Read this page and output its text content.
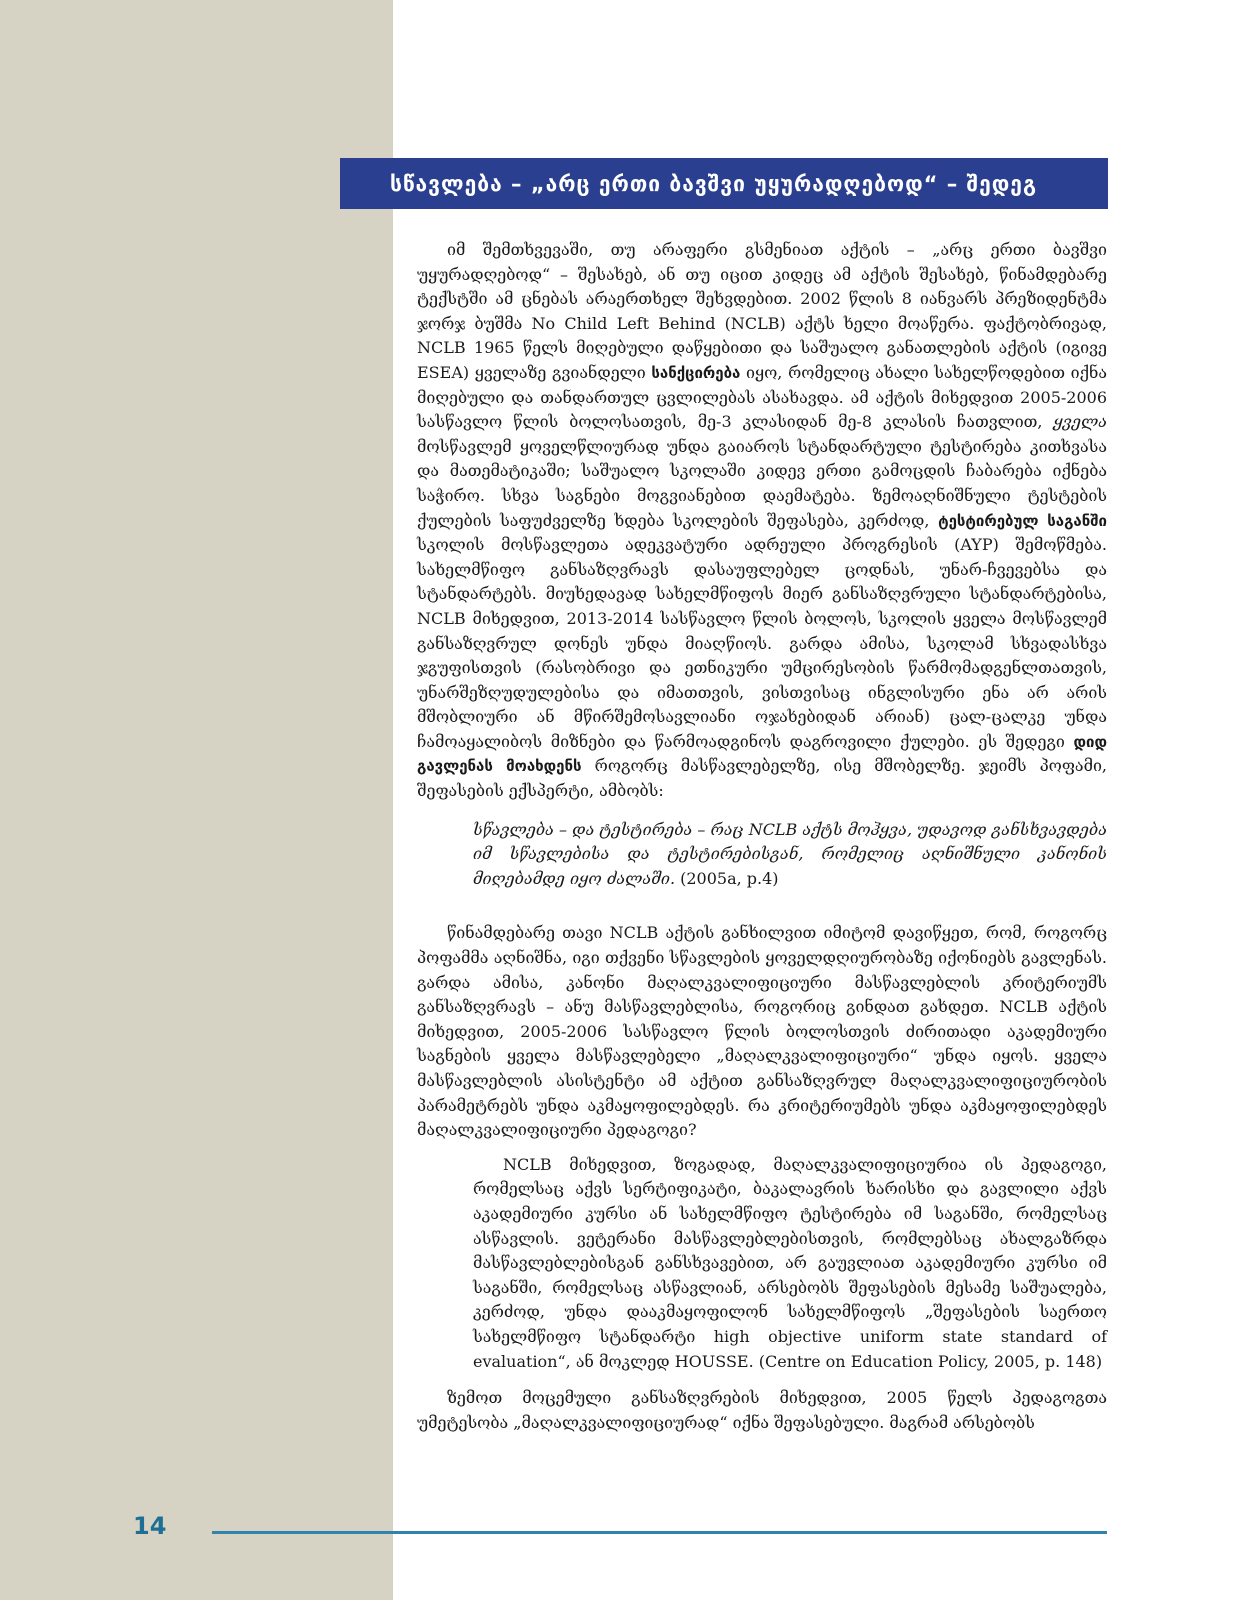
სწავლება – „არც ერთი ბავშვი უყურადღებოდ“ – შედეგ

იმ შემთხვევაში, თუ არაფერი გსმენიათ აქტის – „არც ერთი ბავშვი უყურადღებოდ“ – შესახებ, ან თუ იცით კიდეც ამ აქტის შესახებ, წინამდებარე ტექსტში ამ ცნებას არაერთხელ შეხვდებით. 2002 წლის 8 იანვარს პრეზიდენტმა ჯორჯ ბუშმა No Child Left Behind (NCLB) აქტს ხელი მოაწერა. ფაქტობრივად, NCLB 1965 წელს მიღებული დაწყებითი და საშუალო განათლების აქტის (იგივე ESEA) ყველაზე გვიანდელი სანქცირება იყო, რომელიც ახალი სახელწოდებით იქნა მიღებული და თანდართულ ცვლილებას ასახავდა. ამ აქტის მიხედვით 2005-2006 სასწავლო წლის ბოლოსათვის, მე-3 კლასიდან მე-8 კლასის ჩათვლით, ყველა მოსწავლემ ყოველწლიურად უნდა გაიაროს სტანდარტული ტესტირება კითხვასა და მათემატიკაში; საშუალო სკოლაში კიდევ ერთი გამოცდის ჩაბარება იქნება საჭირო. სხვა საგნები მოგვიანებით დაემატება. ზემოაღნიშნული ტესტების ქულების საფუძველზე ხდება სკოლების შეფასება, კერძოდ, ტესტირებულ საგანში სკოლის მოსწავლეთა ადეკვატური ადრეული პროგრესის (AYP) შემოწმება. სახელმწიფო განსაზღვრავს დასაუფლებელ ცოდნას, უნარ-ჩვევებსა და სტანდარტებს. მიუხედავად სახელმწიფოს მიერ განსაზღვრული სტანდარტებისა, NCLB მიხედვით, 2013-2014 სასწავლო წლის ბოლოს, სკოლის ყველა მოსწავლემ განსაზღვრულ დონეს უნდა მიაღწიოს. გარდა ამისა, სკოლამ სხვადასხვა ჯგუფისთვის (რასობრივი და ეთნიკური უმცირესობის წარმომადგენლთათვის, უნარშეზღუდულებისა და იმათთვის, ვისთვისაც ინგლისური ენა არ არის მშობლიური ან მწირშემოსავლიანი ოჯახებიდან არიან) ცალ-ცალკე უნდა ჩამოაყალიბოს მიზნები და წარმოადგინოს დაგროვილი ქულები. ეს შედეგი დიდ გავლენას მოახდენს როგორც მასწავლებელზე, ისე მშობელზე. ჯეიმს პოფამი, შეფასების ექსპერტი, ამბობს:

სწავლება – და ტესტირება – რაც NCLB აქტს მოჰყვა, უდავოდ განსხვავდება იმ სწავლებისა და ტესტირებისგან, რომელიც აღნიშნული კანონის მიღებამდე იყო ძალაში. (2005a, p.4)

წინამდებარე თავი NCLB აქტის განხილვით იმიტომ დავიწყეთ, რომ, როგორც პოფამმა აღნიშნა, იგი თქვენი სწავლების ყოველდღიურობაზე იქონიებს გავლენას. გარდა ამისა, კანონი მაღალკვალიფიციური მასწავლებლის კრიტერიუმს განსაზღვრავს – ანუ მასწავლებლისა, როგორიც გინდათ გახდეთ. NCLB აქტის მიხედვით, 2005-2006 სასწავლო წლის ბოლოსთვის ძირითადი აკადემიური საგნების ყველა მასწავლებელი „მაღალკვალიფიციური“ უნდა იყოს. ყველა მასწავლებლის ასისტენტი ამ აქტით განსაზღვრულ მაღალკვალიფიციურობის პარამეტრებს უნდა აკმაყოფილებდეს. რა კრიტერიუმებს უნდა აკმაყოფილებდეს მაღალკვალიფიციური პედაგოგი?

NCLB მიხედვით, ზოგადად, მაღალკვალიფიციურია ის პედაგოგი, რომელსაც აქვს სერტიფიკატი, ბაკალავრის ხარისხი და გავლილი აქვს აკადემიური კურსი ან სახელმწიფო ტესტირება იმ საგანში, რომელსაც ასწავლის. ვეტერანი მასწავლებლებისთვის, რომლებსაც ახალგაზრდა მასწავლებლებისგან განსხვავებით, არ გაუვლიათ აკადემიური კურსი იმ საგანში, რომელსაც ასწავლიან, არსებობს შეფასების მესამე საშუალება, კერძოდ, უნდა დააკმაყოფილონ სახელმწიფოს „შეფასების საერთო სახელმწიფო სტანდარტი high objective uniform state standard of evaluation“, ან მოკლედ HOUSSE. (Centre on Education Policy, 2005, p. 148)

ზემოთ მოცემული განსაზღვრების მიხედვით, 2005 წელს პედაგოგთა უმეტესობა „მაღალკვალიფიციურად“ იქნა შეფასებული. მაგრამ არსებობს

14
